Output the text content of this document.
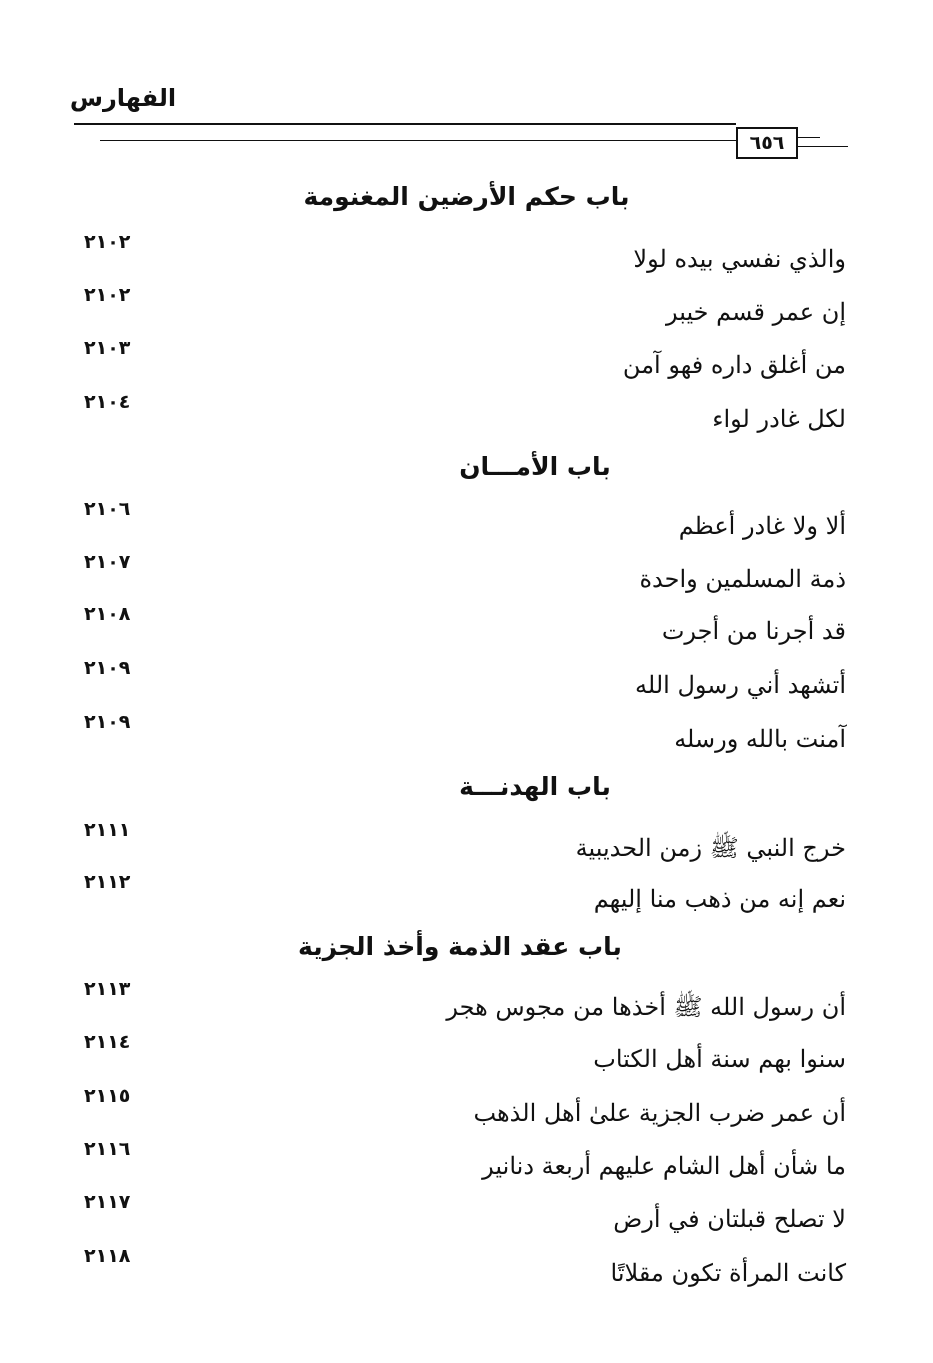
الفهارس
٦٥٦
باب حكم الأرضين المغنومة
والذي نفسي بيده لولا
٢١٠٢
إن عمر قسم خيبر
٢١٠٢
من أغلق داره فهو آمن
٢١٠٣
لكل غادر لواء
٢١٠٤
باب الأمـــان
ألا ولا غادر أعظم
٢١٠٦
ذمة المسلمين واحدة
٢١٠٧
قد أجرنا من أجرت
٢١٠٨
أتشهد أني رسول الله
٢١٠٩
آمنت بالله ورسله
٢١٠٩
باب الهدنـــة
خرج النبي ﷺ زمن الحديبية
٢١١١
نعم إنه من ذهب منا إليهم
٢١١٢
باب عقد الذمة وأخذ الجزية
أن رسول الله ﷺ أخذها من مجوس هجر
٢١١٣
سنوا بهم سنة أهل الكتاب
٢١١٤
أن عمر ضرب الجزية علىٰ أهل الذهب
٢١١٥
ما شأن أهل الشام عليهم أربعة دنانير
٢١١٦
لا تصلح قبلتان في أرض
٢١١٧
كانت المرأة تكون مقلاتًا
٢١١٨
